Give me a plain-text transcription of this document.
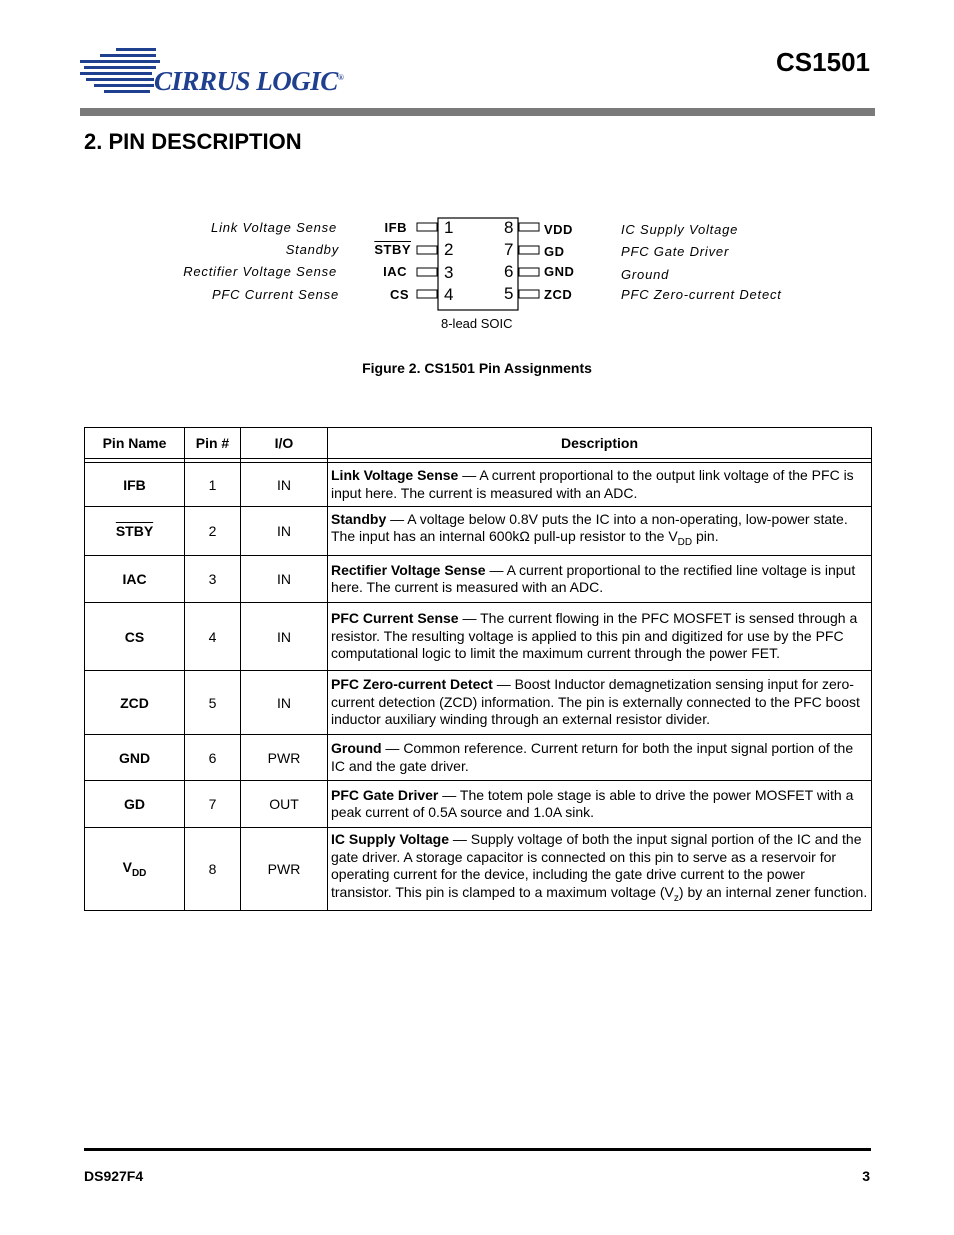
CIRRUS LOGIC®
CS1501
2. PIN DESCRIPTION
Link Voltage Sense
Standby
Rectifier Voltage Sense
PFC Current Sense
IFB
STBY
IAC
CS
1
2
3
4
8
7
6
5
VDD
GD
GND
ZCD
IC Supply Voltage
PFC Gate Driver
Ground
PFC Zero-current Detect
8-lead SOIC
Figure 2. CS1501 Pin Assignments
Pin Name	Pin #	I/O	Description

IFB	1	IN	Link Voltage Sense — A current proportional to the output link voltage of the PFC is input here. The current is measured with an ADC.
STBY	2	IN	Standby — A voltage below 0.8V puts the IC into a non-operating, low-power state. The input has an internal 600kΩ pull-up resistor to the $V_{DD}$ pin.
IAC	3	IN	Rectifier Voltage Sense — A current proportional to the rectified line voltage is input here. The current is measured with an ADC.
CS	4	IN	PFC Current Sense — The current flowing in the PFC MOSFET is sensed through a resistor. The resulting voltage is applied to this pin and digitized for use by the PFC computational logic to limit the maximum current through the power FET.
ZCD	5	IN	PFC Zero-current Detect — Boost Inductor demagnetization sensing input for zero-current detection (ZCD) information. The pin is externally connected to the PFC boost inductor auxiliary winding through an external resistor divider.
GND	6	PWR	Ground — Common reference. Current return for both the input signal portion of the IC and the gate driver.
GD	7	OUT	PFC Gate Driver — The totem pole stage is able to drive the power MOSFET with a peak current of 0.5A source and 1.0A sink.
$V_{DD}$	8	PWR	IC Supply Voltage — Supply voltage of both the input signal portion of the IC and the gate driver. A storage capacitor is connected on this pin to serve as a reservoir for operating current for the device, including the gate drive current to the power transistor. This pin is clamped to a maximum voltage $(V_z)$ by an internal zener function.
DS927F4	3
